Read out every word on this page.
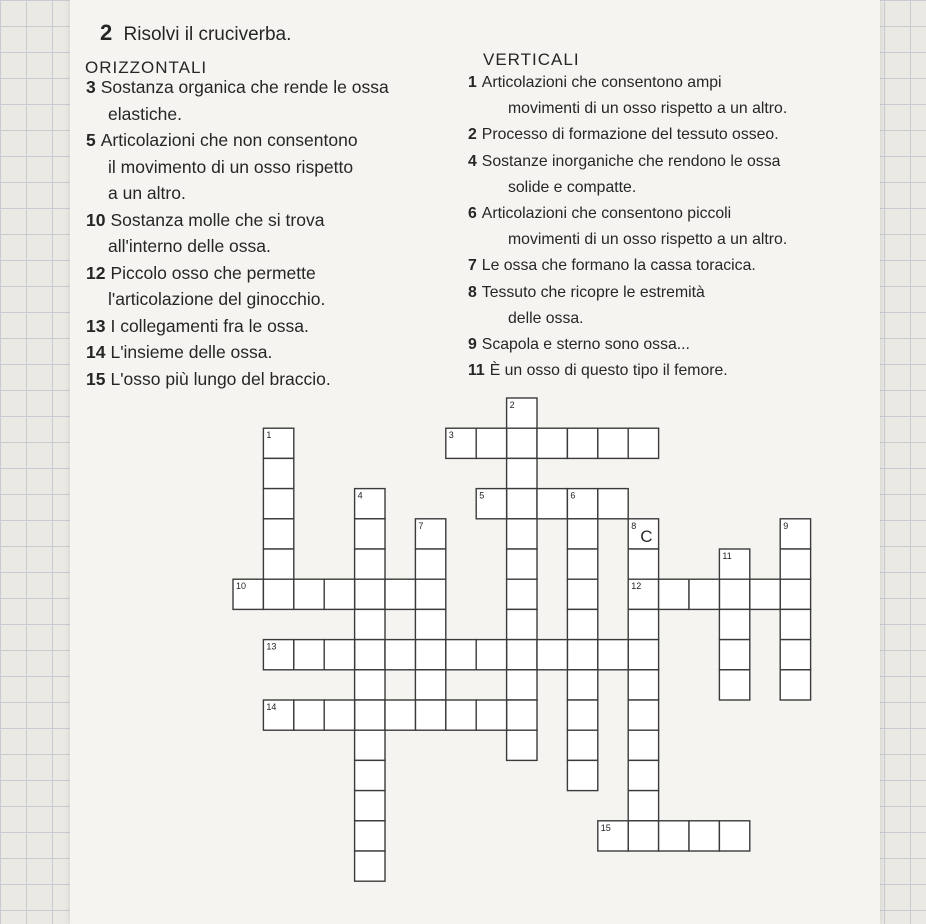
2 Risolvi il cruciverba.
ORIZZONTALI
3 Sostanza organica che rende le ossa
elastiche.
5 Articolazioni che non consentono
il movimento di un osso rispetto
a un altro.
10 Sostanza molle che si trova
all'interno delle ossa.
12 Piccolo osso che permette
l'articolazione del ginocchio.
13 I collegamenti fra le ossa.
14 L'insieme delle ossa.
15 L'osso più lungo del braccio.
VERTICALI
1 Articolazioni che consentono ampi
movimenti di un osso rispetto a un altro.
2 Processo di formazione del tessuto osseo.
4 Sostanze inorganiche che rendono le ossa
solide e compatte.
6 Articolazioni che consentono piccoli
movimenti di un osso rispetto a un altro.
7 Le ossa che formano la cassa toracica.
8 Tessuto che ricopre le estremità
delle ossa.
9 Scapola e sterno sono ossa...
11 È un osso di questo tipo il femore.
1
2
3
4	5	6
7	8	9
10
11
12
13
14
15
C
